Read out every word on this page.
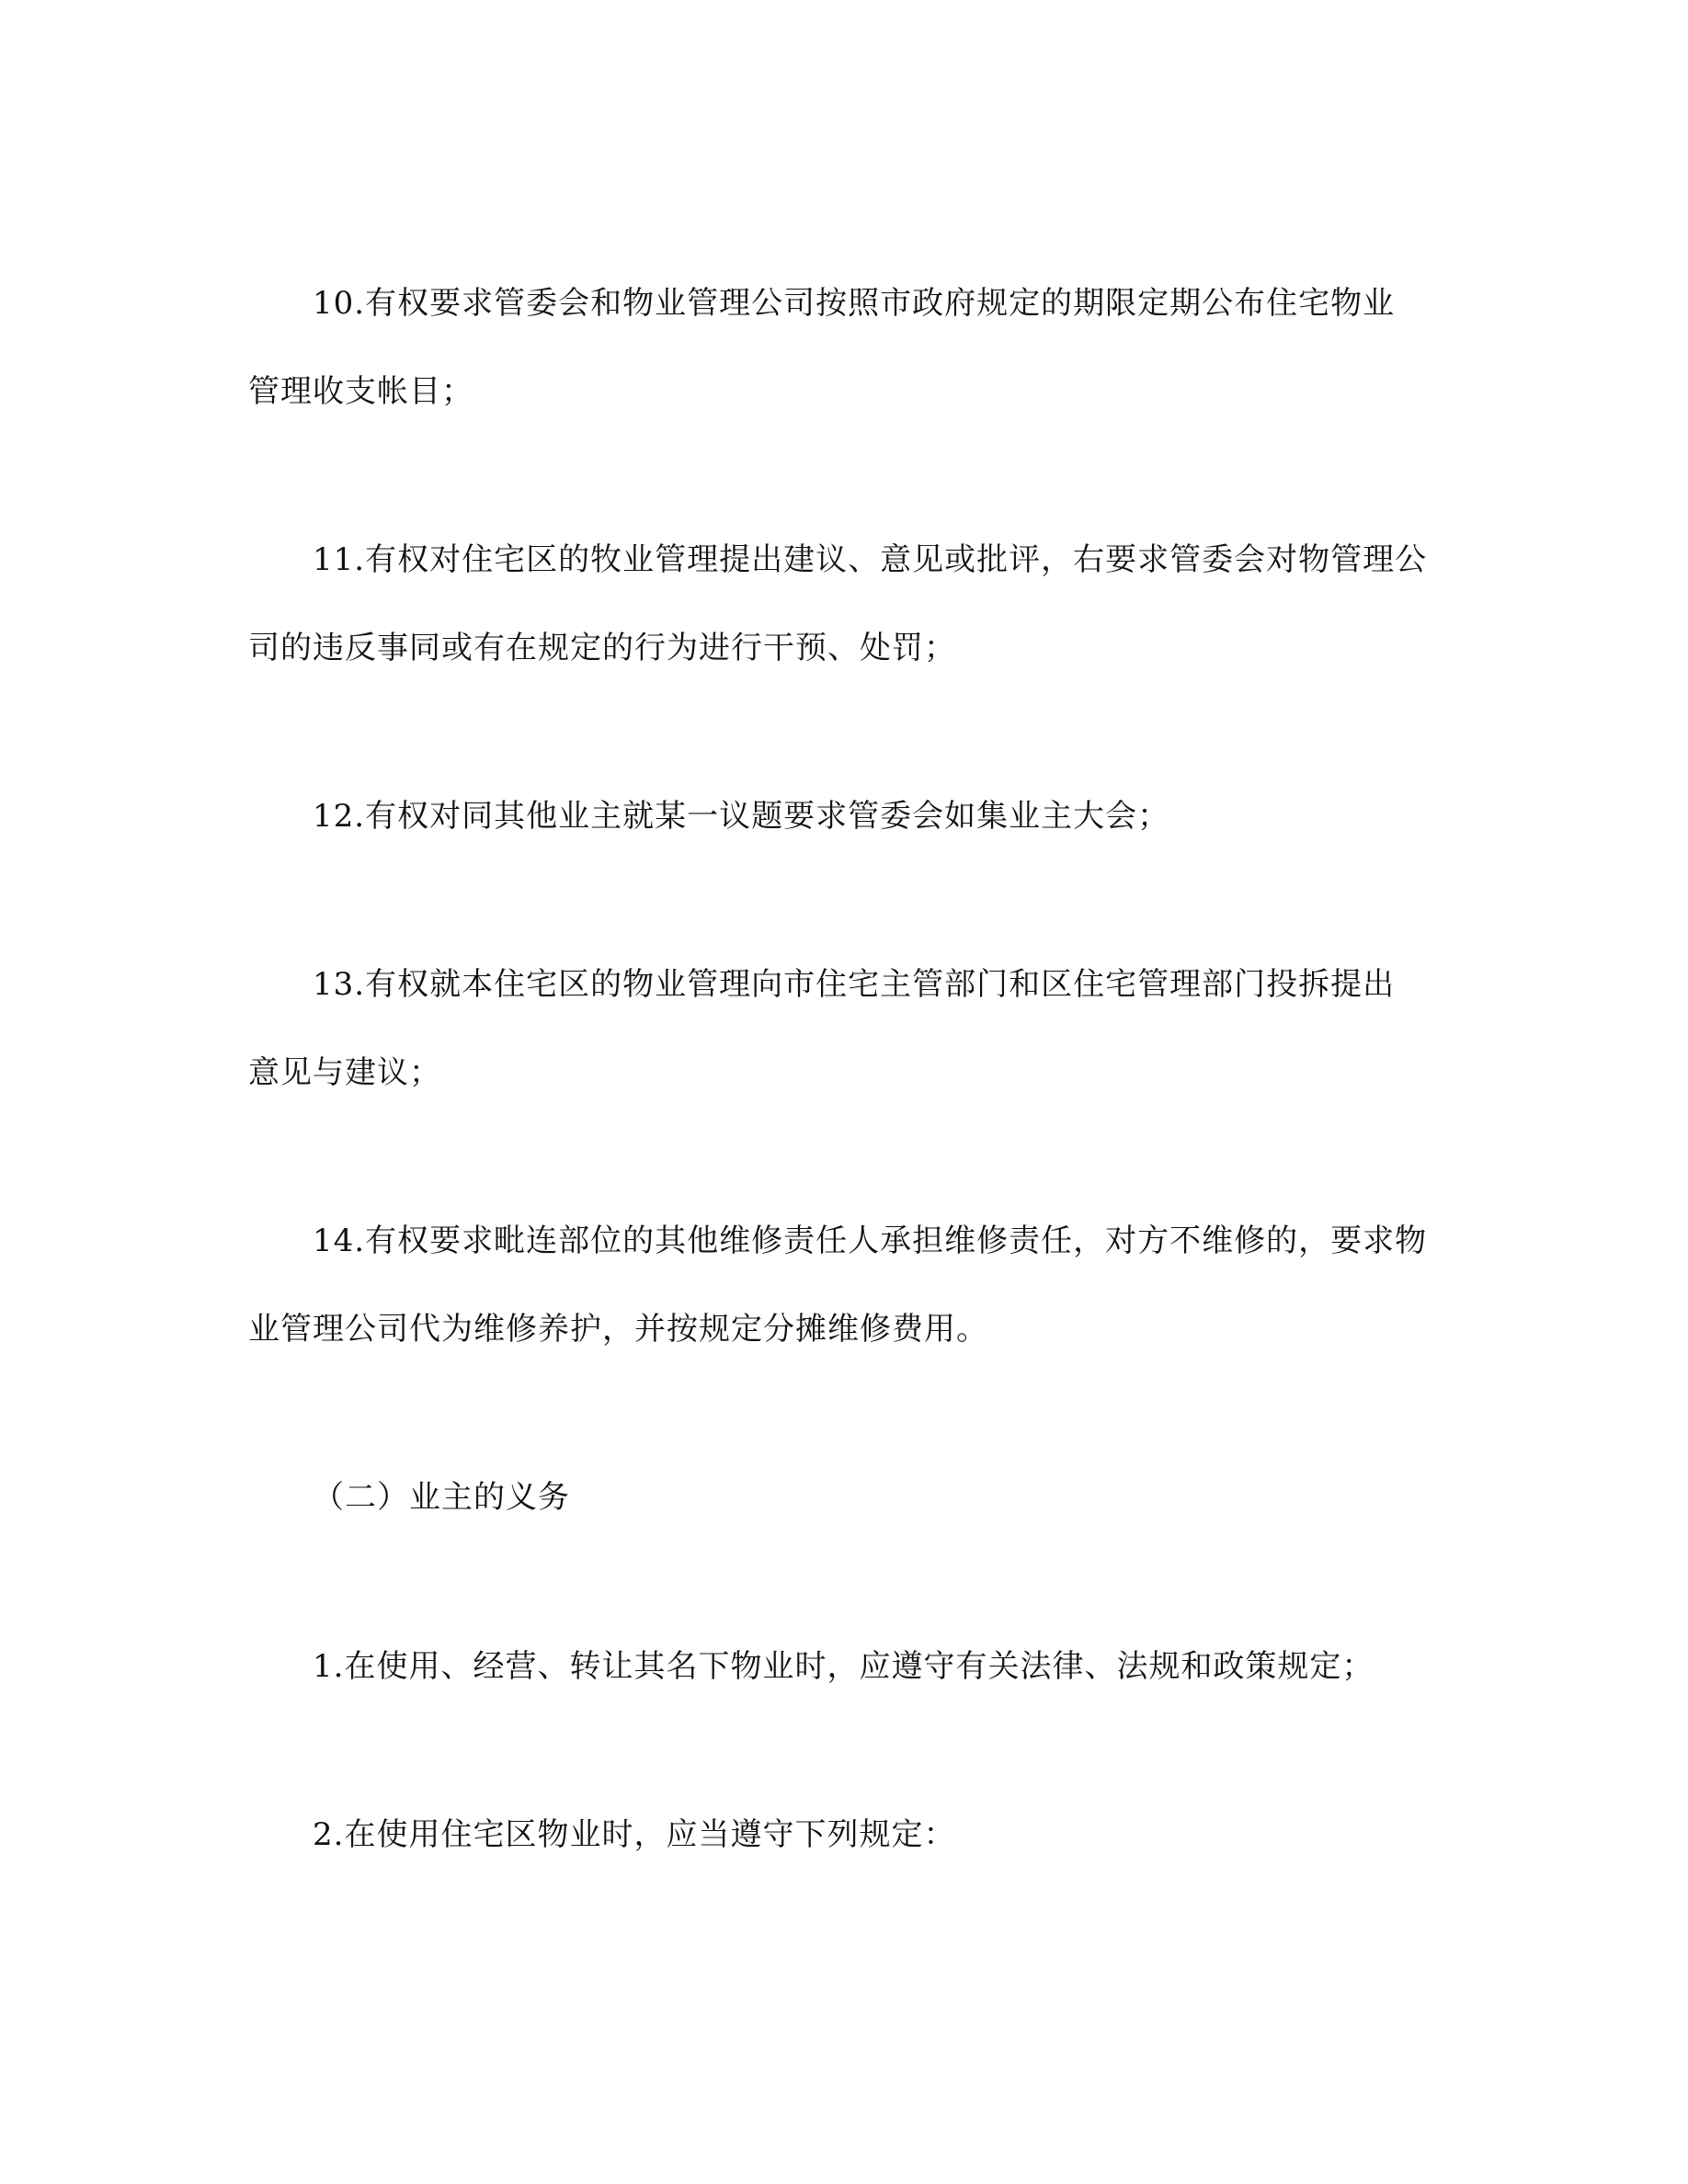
10.有权要求管委会和物业管理公司按照市政府规定的期限定期公布住宅物业

管理收支帐目；

11.有权对住宅区的牧业管理提出建议、意见或批评，右要求管委会对物管理公

司的违反事同或有在规定的行为进行干预、处罚；

12.有权对同其他业主就某一议题要求管委会如集业主大会；

13.有权就本住宅区的物业管理向市住宅主管部门和区住宅管理部门投拆提出

意见与建议；

14.有权要求毗连部位的其他维修责任人承担维修责任，对方不维修的，要求物

业管理公司代为维修养护，并按规定分摊维修费用。

（二）业主的义务

1.在使用、经营、转让其名下物业时，应遵守有关法律、法规和政策规定；

2.在使用住宅区物业时，应当遵守下列规定：
